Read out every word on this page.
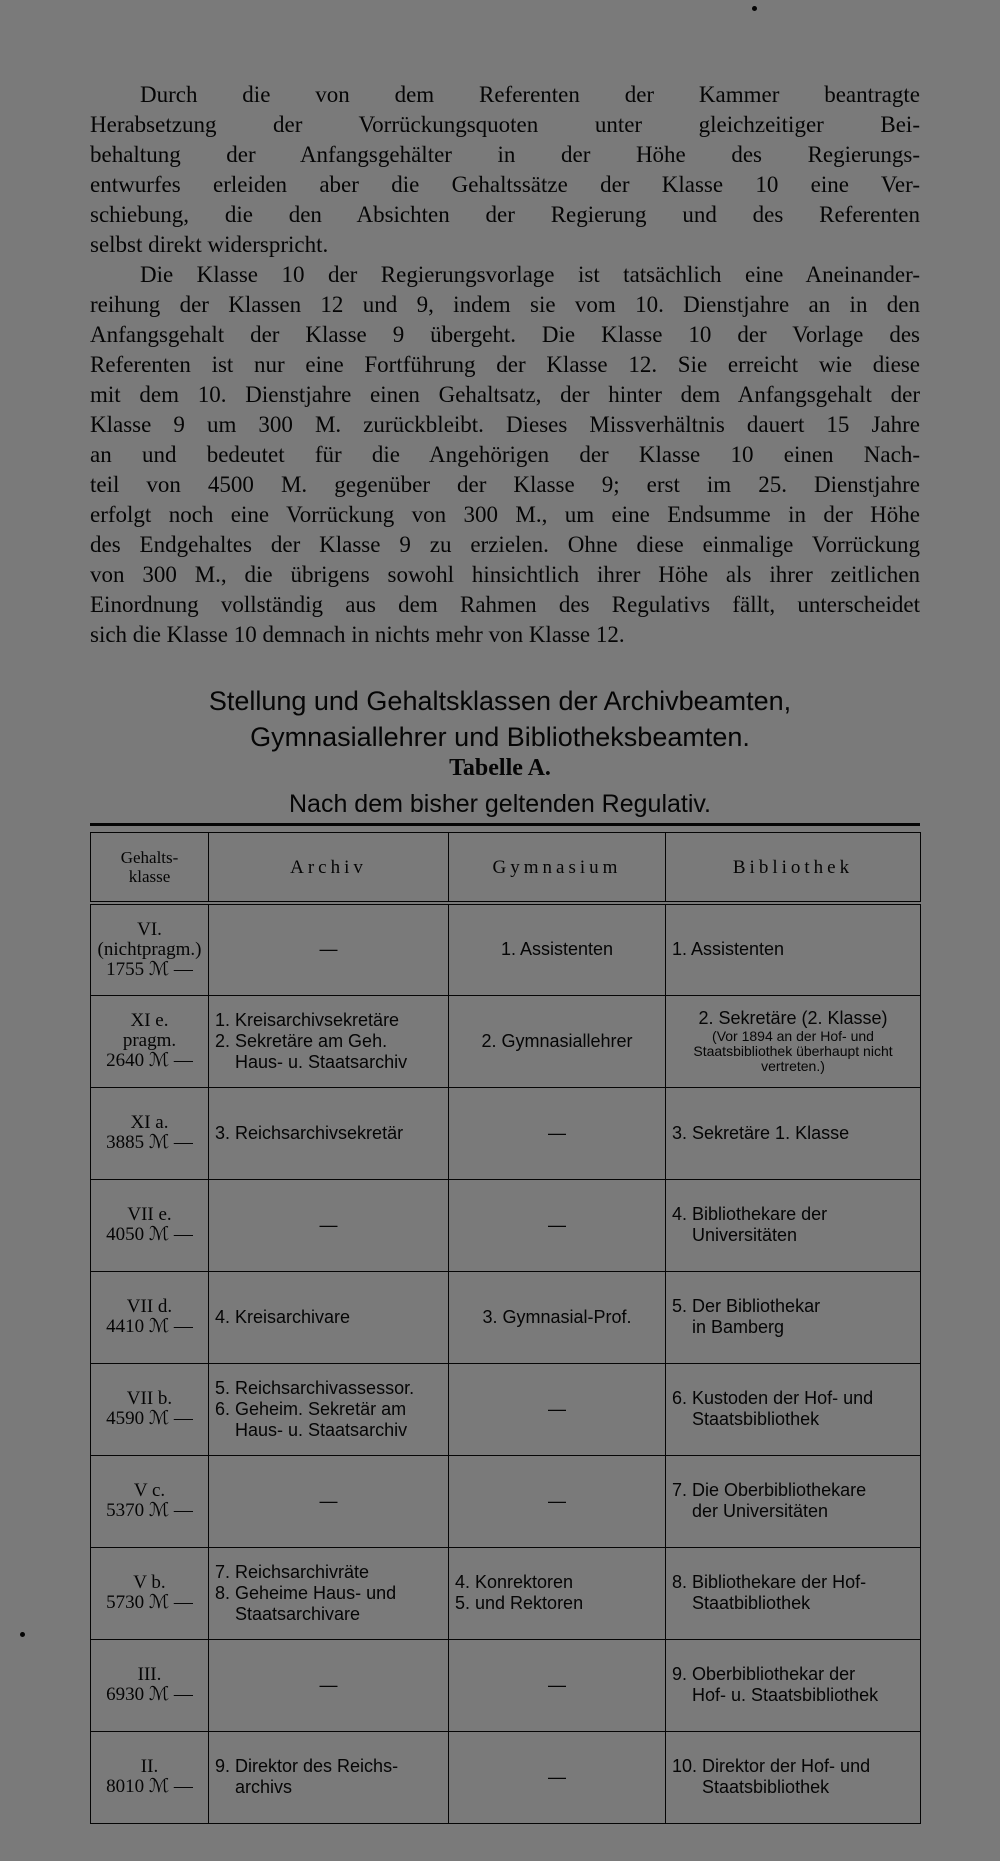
Durch die von dem Referenten der Kammer beantragte
Herabsetzung der Vorrückungsquoten unter gleichzeitiger Bei-
behaltung der Anfangsgehälter in der Höhe des Regierungs-
entwurfes erleiden aber die Gehaltssätze der Klasse 10 eine Ver-
schiebung, die den Absichten der Regierung und des Referenten
selbst direkt widerspricht.
Die Klasse 10 der Regierungsvorlage ist tatsächlich eine Aneinander-
reihung der Klassen 12 und 9, indem sie vom 10. Dienstjahre an in den
Anfangsgehalt der Klasse 9 übergeht. Die Klasse 10 der Vorlage des
Referenten ist nur eine Fortführung der Klasse 12. Sie erreicht wie diese
mit dem 10. Dienstjahre einen Gehaltsatz, der hinter dem Anfangsgehalt der
Klasse 9 um 300 M. zurückbleibt. Dieses Missverhältnis dauert 15 Jahre
an und bedeutet für die Angehörigen der Klasse 10 einen Nach-
teil von 4500 M. gegenüber der Klasse 9; erst im 25. Dienstjahre
erfolgt noch eine Vorrückung von 300 M., um eine Endsumme in der Höhe
des Endgehaltes der Klasse 9 zu erzielen. Ohne diese einmalige Vorrückung
von 300 M., die übrigens sowohl hinsichtlich ihrer Höhe als ihrer zeitlichen
Einordnung vollständig aus dem Rahmen des Regulativs fällt, unterscheidet
sich die Klasse 10 demnach in nichts mehr von Klasse 12.

Stellung und Gehaltsklassen der Archivbeamten,
Gymnasiallehrer und Bibliotheksbeamten.

Tabelle A.

Nach dem bisher geltenden Regulativ.

Gehalts-
klasse	Archiv	Gymnasium	Bibliothek

VI.
(nichtpragm.)
1755 ℳ —	—	1. Assistenten	1. Assistenten

XI e.
pragm.
2640 ℳ —	1. Kreisarchivsekretäre
2. Sekretäre am Geh.
Haus- u. Staatsarchiv	2. Gymnasiallehrer	2. Sekretäre (2. Klasse)
(Vor 1894 an der Hof- und Staatsbibliothek überhaupt nicht vertreten.)

XI a.
3885 ℳ —	3. Reichsarchivsekretär	—	3. Sekretäre 1. Klasse

VII e.
4050 ℳ —	—	—	4. Bibliothekare der
Universitäten

VII d.
4410 ℳ —	4. Kreisarchivare	3. Gymnasial-Prof.	5. Der Bibliothekar
in Bamberg

VII b.
4590 ℳ —	5. Reichsarchivassessor.
6. Geheim. Sekretär am
Haus- u. Staatsarchiv	—	6. Kustoden der Hof- und
Staatsbibliothek

V c.
5370 ℳ —	—	—	7. Die Oberbibliothekare
der Universitäten

V b.
5730 ℳ —	7. Reichsarchivräte
8. Geheime Haus- und
Staatsarchivare	4. Konrektoren
5. und Rektoren	8. Bibliothekare der Hof-
Staatbibliothek

III.
6930 ℳ —	—	—	9. Oberbibliothekar der
Hof- u. Staatsbibliothek

II.
8010 ℳ —	9. Direktor des Reichs-
archivs	—	10. Direktor der Hof- und
Staatsbibliothek
